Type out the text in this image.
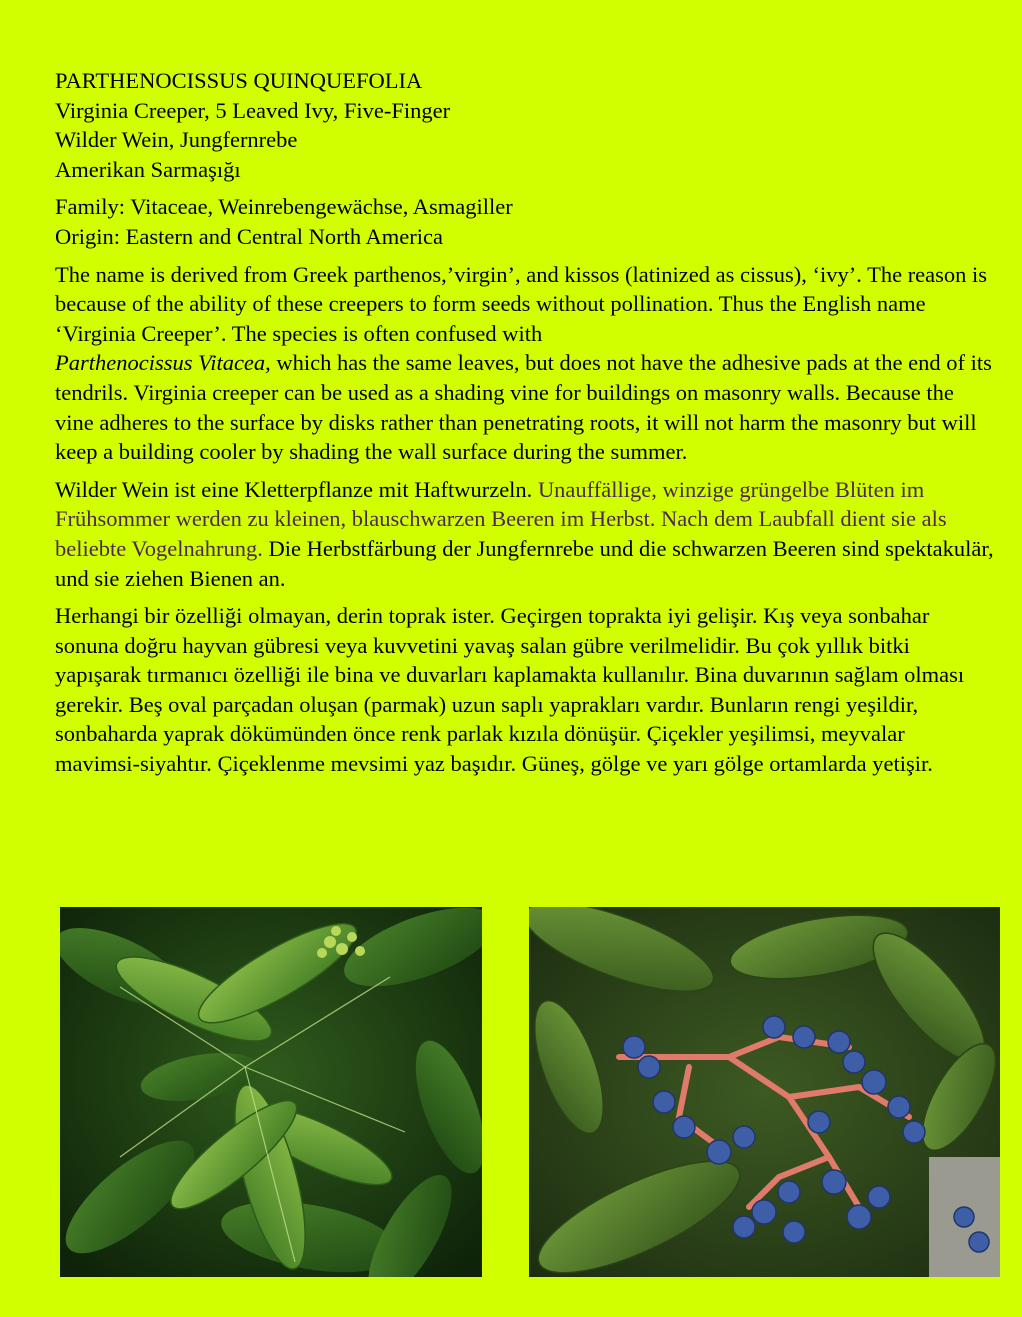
PARTHENOCISSUS QUINQUEFOLIA

Virginia Creeper, 5 Leaved Ivy, Five-Finger

Wilder Wein, Jungfernrebe

Amerikan Sarmaşığı

Family: Vitaceae, Weinrebengewächse, Asmagiller

Origin: Eastern and Central North America

The name is derived from Greek parthenos,’virgin’, and kissos (latinized as cissus), ‘ivy’. The reason is because of the ability of these creepers to form seeds without pollination. Thus the English name ‘Virginia Creeper’. The species is often confused with
Parthenocissus Vitacea, which has the same leaves, but does not have the adhesive pads at the end of its tendrils. Virginia creeper can be used as a shading vine for buildings on masonry walls. Because the vine adheres to the surface by disks rather than penetrating roots, it will not harm the masonry but will keep a building cooler by shading the wall surface during the summer.

Wilder Wein ist eine Kletterpflanze mit Haftwurzeln. Unauffällige, winzige grüngelbe Blüten im Frühsommer werden zu kleinen, blauschwarzen Beeren im Herbst. Nach dem Laubfall dient sie als beliebte Vogelnahrung. Die Herbstfärbung der Jungfernrebe und die schwarzen Beeren sind spektakulär, und sie ziehen Bienen an.

Herhangi bir özelliği olmayan, derin toprak ister. Geçirgen toprakta iyi gelişir. Kış veya sonbahar sonuna doğru hayvan gübresi veya kuvvetini yavaş salan gübre verilmelidir. Bu çok yıllık bitki yapışarak tırmanıcı özelliği ile bina ve duvarları kaplamakta kullanılır. Bina duvarının sağlam olması gerekir. Beş oval parçadan oluşan (parmak) uzun saplı yaprakları vardır. Bunların rengi yeşildir, sonbaharda yaprak dökümünden önce renk parlak kızıla dönüşür. Çiçekler yeşilimsi, meyvalar mavimsi-siyahtır. Çiçeklenme mevsimi yaz başıdır. Güneş, gölge ve yarı gölge ortamlarda yetişir.
